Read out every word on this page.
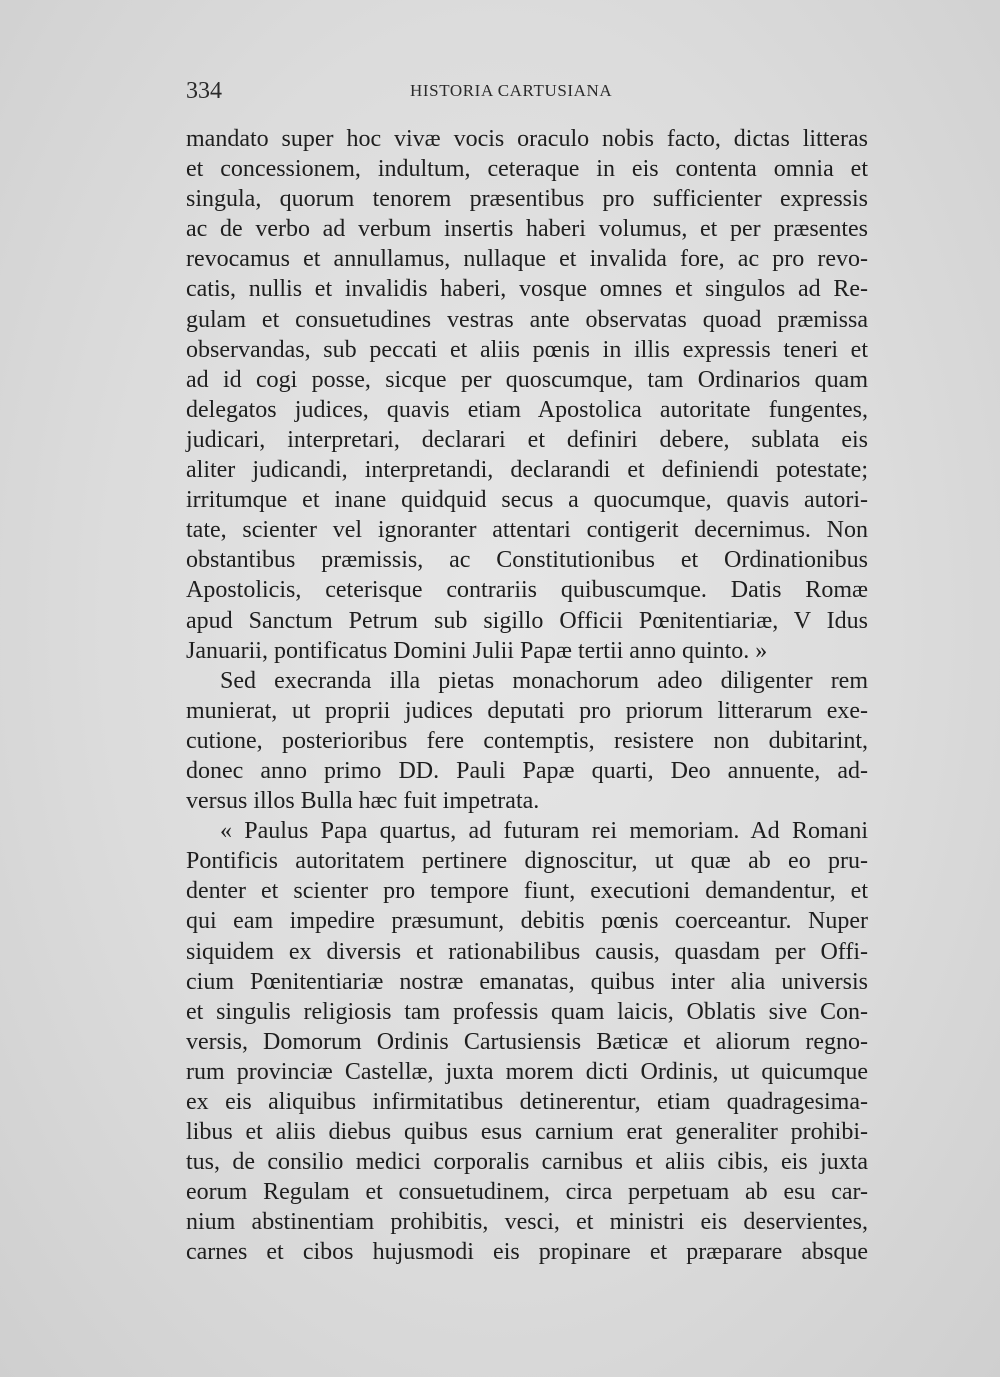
334	HISTORIA CARTUSIANA
mandato super hoc vivæ vocis oraculo nobis facto, dictas litteras
et concessionem, indultum, ceteraque in eis contenta omnia et
singula, quorum tenorem præsentibus pro sufficienter expressis
ac de verbo ad verbum insertis haberi volumus, et per præsentes
revocamus et annullamus, nullaque et invalida fore, ac pro revo-
catis, nullis et invalidis haberi, vosque omnes et singulos ad Re-
gulam et consuetudines vestras ante observatas quoad præmissa
observandas, sub peccati et aliis pœnis in illis expressis teneri et
ad id cogi posse, sicque per quoscumque, tam Ordinarios quam
delegatos judices, quavis etiam Apostolica autoritate fungentes,
judicari, interpretari, declarari et definiri debere, sublata eis
aliter judicandi, interpretandi, declarandi et definiendi potestate;
irritumque et inane quidquid secus a quocumque, quavis autori-
tate, scienter vel ignoranter attentari contigerit decernimus. Non
obstantibus præmissis, ac Constitutionibus et Ordinationibus
Apostolicis, ceterisque contrariis quibuscumque. Datis Romæ
apud Sanctum Petrum sub sigillo Officii Pœnitentiariæ, V Idus
Januarii, pontificatus Domini Julii Papæ tertii anno quinto. »
Sed execranda illa pietas monachorum adeo diligenter rem
munierat, ut proprii judices deputati pro priorum litterarum exe-
cutione, posterioribus fere contemptis, resistere non dubitarint,
donec anno primo DD. Pauli Papæ quarti, Deo annuente, ad-
versus illos Bulla hæc fuit impetrata.
« Paulus Papa quartus, ad futuram rei memoriam. Ad Romani
Pontificis autoritatem pertinere dignoscitur, ut quæ ab eo pru-
denter et scienter pro tempore fiunt, executioni demandentur, et
qui eam impedire præsumunt, debitis pœnis coerceantur. Nuper
siquidem ex diversis et rationabilibus causis, quasdam per Offi-
cium Pœnitentiariæ nostræ emanatas, quibus inter alia universis
et singulis religiosis tam professis quam laicis, Oblatis sive Con-
versis, Domorum Ordinis Cartusiensis Bæticæ et aliorum regno-
rum provinciæ Castellæ, juxta morem dicti Ordinis, ut quicumque
ex eis aliquibus infirmitatibus detinerentur, etiam quadragesima-
libus et aliis diebus quibus esus carnium erat generaliter prohibi-
tus, de consilio medici corporalis carnibus et aliis cibis, eis juxta
eorum Regulam et consuetudinem, circa perpetuam ab esu car-
nium abstinentiam prohibitis, vesci, et ministri eis deservientes,
carnes et cibos hujusmodi eis propinare et præparare absque
